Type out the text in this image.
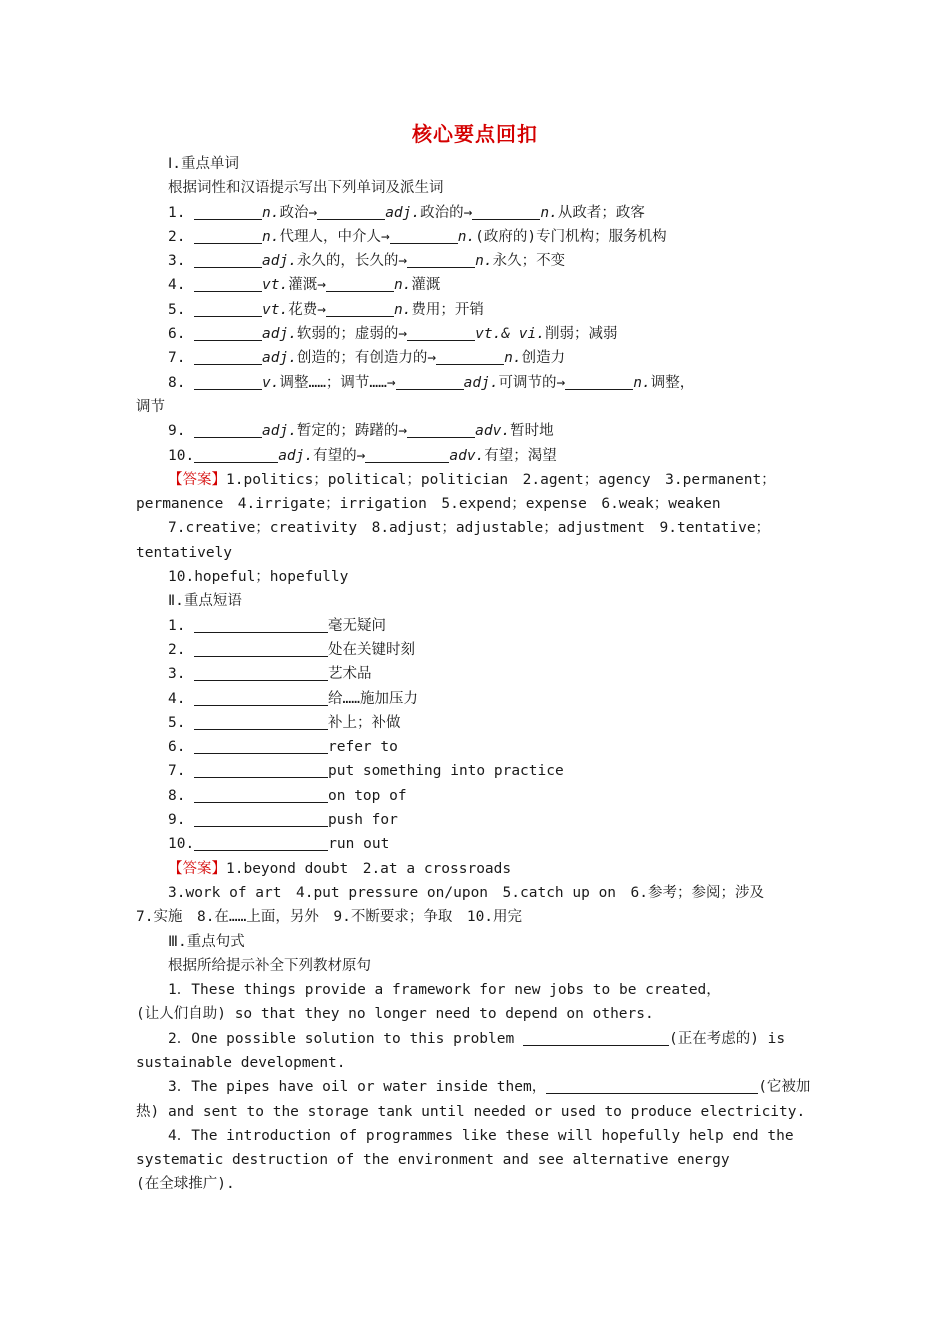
核心要点回扣
Ⅰ.重点单词
根据词性和汉语提示写出下列单词及派生词
1.	n.政治→	adj.政治的→	n.从政者；政客
2.	n.代理人，中介人→	n.(政府的)专门机构；服务机构
3.	adj.永久的，长久的→	n.永久；不变
4.	vt.灌溉→	n.灌溉
5.	vt.花费→	n.费用；开销
6.	adj.软弱的；虚弱的→	vt.& vi.削弱；减弱
7.	adj.创造的；有创造力的→	n.创造力
8.	v.调整……；调节……→	adj.可调节的→	n.调整，
调节
9.	adj.暂定的；踌躇的→	adv.暂时地
10.	adj.有望的→	adv.有望；渴望
【答案】1.politics；political；politician　2.agent；agency　3.permanent；
permanence　4.irrigate；irrigation　5.expend；expense　6.weak；weaken
7.creative；creativity　8.adjust；adjustable；adjustment　9.tentative；
tentatively
10.hopeful；hopefully
Ⅱ.重点短语
1.	毫无疑问
2.	处在关键时刻
3.	艺术品
4.	给……施加压力
5.	补上；补做
6.	refer to
7.	put something into practice
8.	on top of
9.	push for
10.	run out
【答案】1.beyond doubt　2.at a crossroads
3.work of art　4.put pressure on/upon　5.catch up on　6.参考；参阅；涉及
7.实施　8.在……上面，另外　9.不断要求；争取　10.用完
Ⅲ.重点句式
根据所给提示补全下列教材原句
1．These things provide a framework for new jobs to be created，
(让人们自助) so that they no longer need to depend on others.
2．One possible solution to this problem	(正在考虑的) is
sustainable development.
3．The pipes have oil or water inside them，	(它被加
热) and sent to the storage tank until needed or used to produce electricity.
4．The introduction of programmes like these will hopefully help end the
systematic destruction of the environment and see alternative energy
(在全球推广).
